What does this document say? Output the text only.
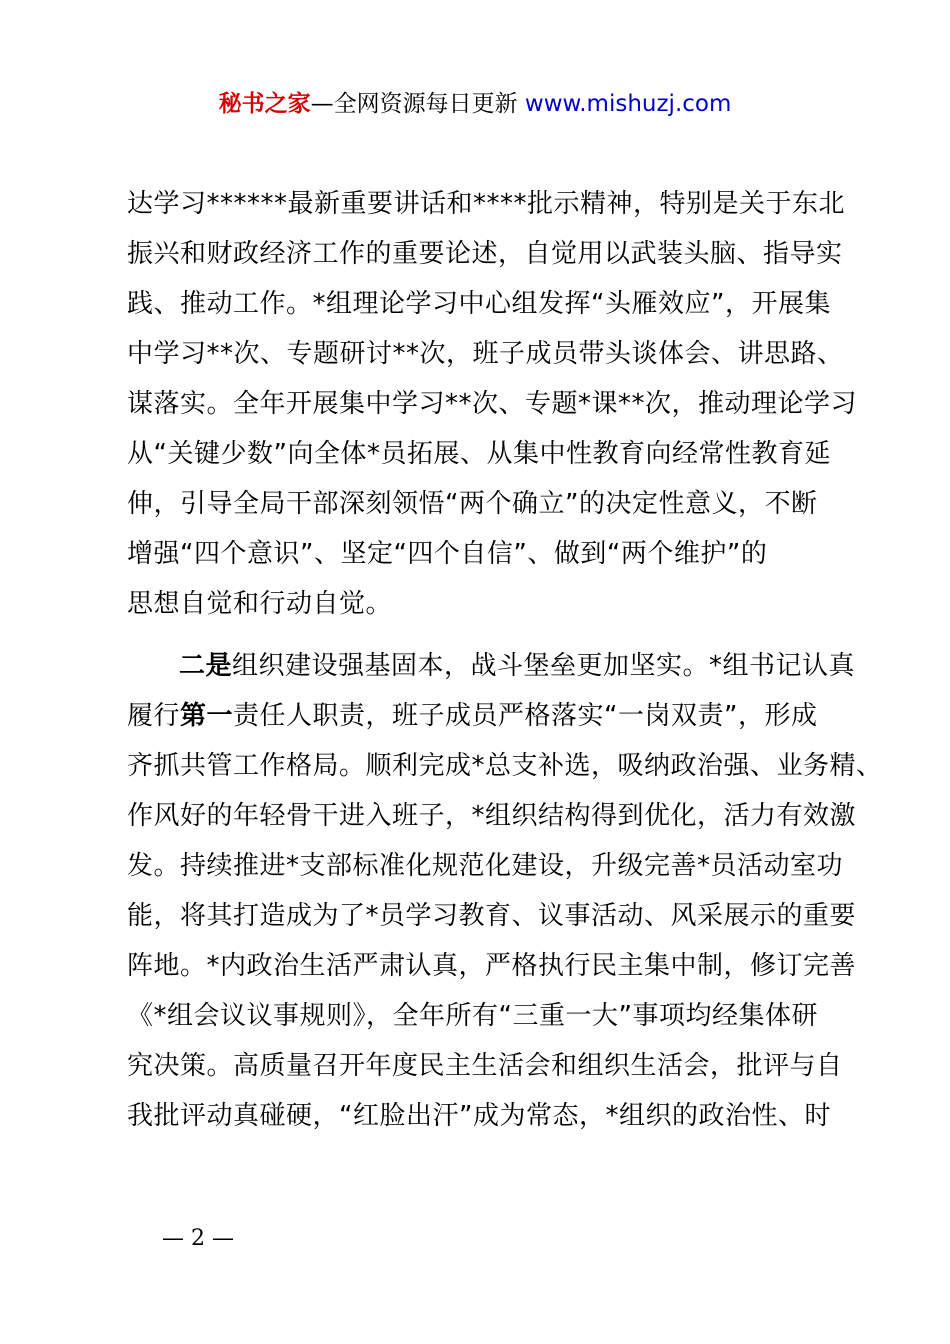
秘书之家—全网资源每日更新 www.mishuzj.com
达学习******最新重要讲话和****批示精神，特别是关于东北
振兴和财政经济工作的重要论述，自觉用以武装头脑、指导实
践、推动工作。*组理论学习中心组发挥“头雁效应”，开展集
中学习**次、专题研讨**次，班子成员带头谈体会、讲思路、
谋落实。全年开展集中学习**次、专题*课**次，推动理论学习
从“关键少数”向全体*员拓展、从集中性教育向经常性教育延
伸，引导全局干部深刻领悟“两个确立”的决定性意义，不断
增强“四个意识”、坚定“四个自信”、做到“两个维护”的
思想自觉和行动自觉。
二是组织建设强基固本，战斗堡垒更加坚实。*组书记认真
履行第一责任人职责，班子成员严格落实“一岗双责”，形成
齐抓共管工作格局。顺利完成*总支补选，吸纳政治强、业务精、
作风好的年轻骨干进入班子，*组织结构得到优化，活力有效激
发。持续推进*支部标准化规范化建设，升级完善*员活动室功
能，将其打造成为了*员学习教育、议事活动、风采展示的重要
阵地。*内政治生活严肃认真，严格执行民主集中制，修订完善
《*组会议议事规则》，全年所有“三重一大”事项均经集体研
究决策。高质量召开年度民主生活会和组织生活会，批评与自
我批评动真碰硬，“红脸出汗”成为常态，*组织的政治性、时
— 2 —
